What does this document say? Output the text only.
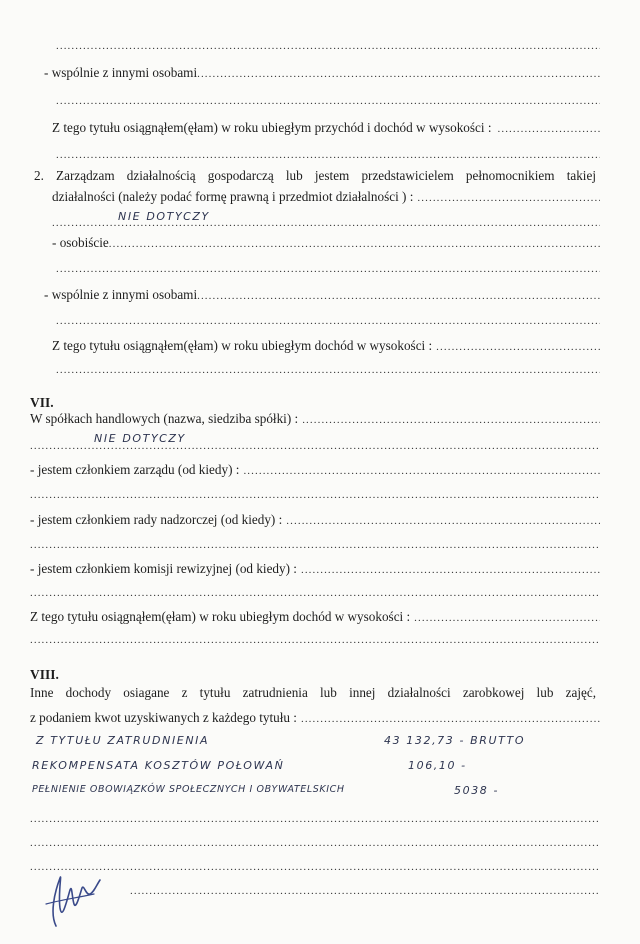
.....
- wspólnie z innymi osobami
.....
.....
Z tego tytułu osiągnąłem(ęłam) w roku ubiegłym przychód i dochód w wysokości :
.....
.....
2. Zarządzam działalnością gospodarczą lub jestem przedstawicielem pełnomocnikiem takiej
działalności (należy podać formę prawną i przedmiot działalności ) :
.....
.....
NIE DOTYCZY
- osobiście
.....
.....
- wspólnie z innymi osobami
.....
.....
Z tego tytułu osiągnąłem(ęłam) w roku ubiegłym dochód w wysokości :
.....
.....
VII.
W spółkach handlowych (nazwa, siedziba spółki) :
.....
.....
NIE DOTYCZY
- jestem członkiem zarządu (od kiedy) :
.....
.....
- jestem członkiem rady nadzorczej (od kiedy) :
.....
.....
- jestem członkiem komisji rewizyjnej (od kiedy) :
.....
.....
Z tego tytułu osiągnąłem(ęłam) w roku ubiegłym dochód w wysokości :
.....
.....
VIII.
Inne dochody osiagane z tytułu zatrudnienia lub innej działalności zarobkowej lub zajęć,
z podaniem kwot uzyskiwanych z każdego tytułu :
.....
Z TYTUŁU ZATRUDNIENIA	43 132,73 - BRUTTO
REKOMPENSATA KOSZTÓW POŁOWAŃ	106,10 -
PEŁNIENIE OBOWIĄZKÓW SPOŁECZNYCH I OBYWATELSKICH	5038 -
.....
.....
.....
.....
